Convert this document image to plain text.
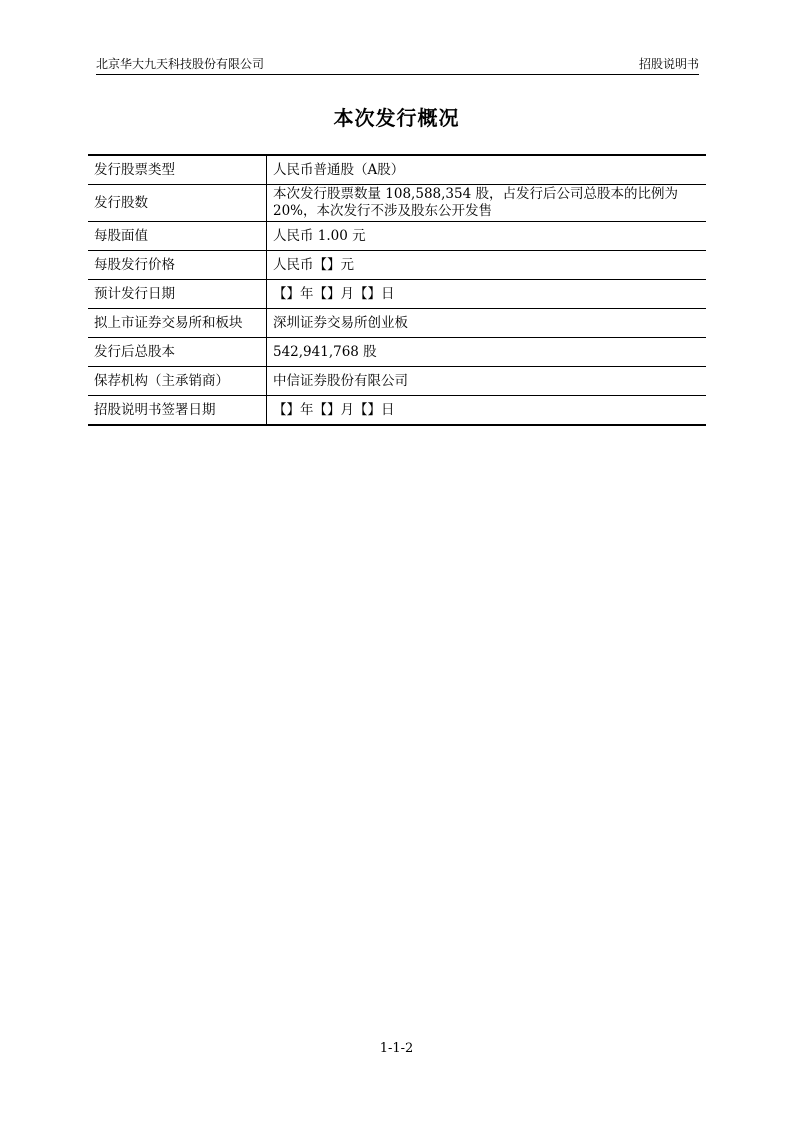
北京华大九天科技股份有限公司	招股说明书
本次发行概况
发行股票类型	人民币普通股（A股）
发行股数	本次发行股票数量 108,588,354 股，占发行后公司总股本的比例为 20%，本次发行不涉及股东公开发售
每股面值	人民币 1.00 元
每股发行价格	人民币【】元
预计发行日期	【】年【】月【】日
拟上市证券交易所和板块	深圳证券交易所创业板
发行后总股本	542,941,768 股
保荐机构（主承销商）	中信证券股份有限公司
招股说明书签署日期	【】年【】月【】日
1-1-2
